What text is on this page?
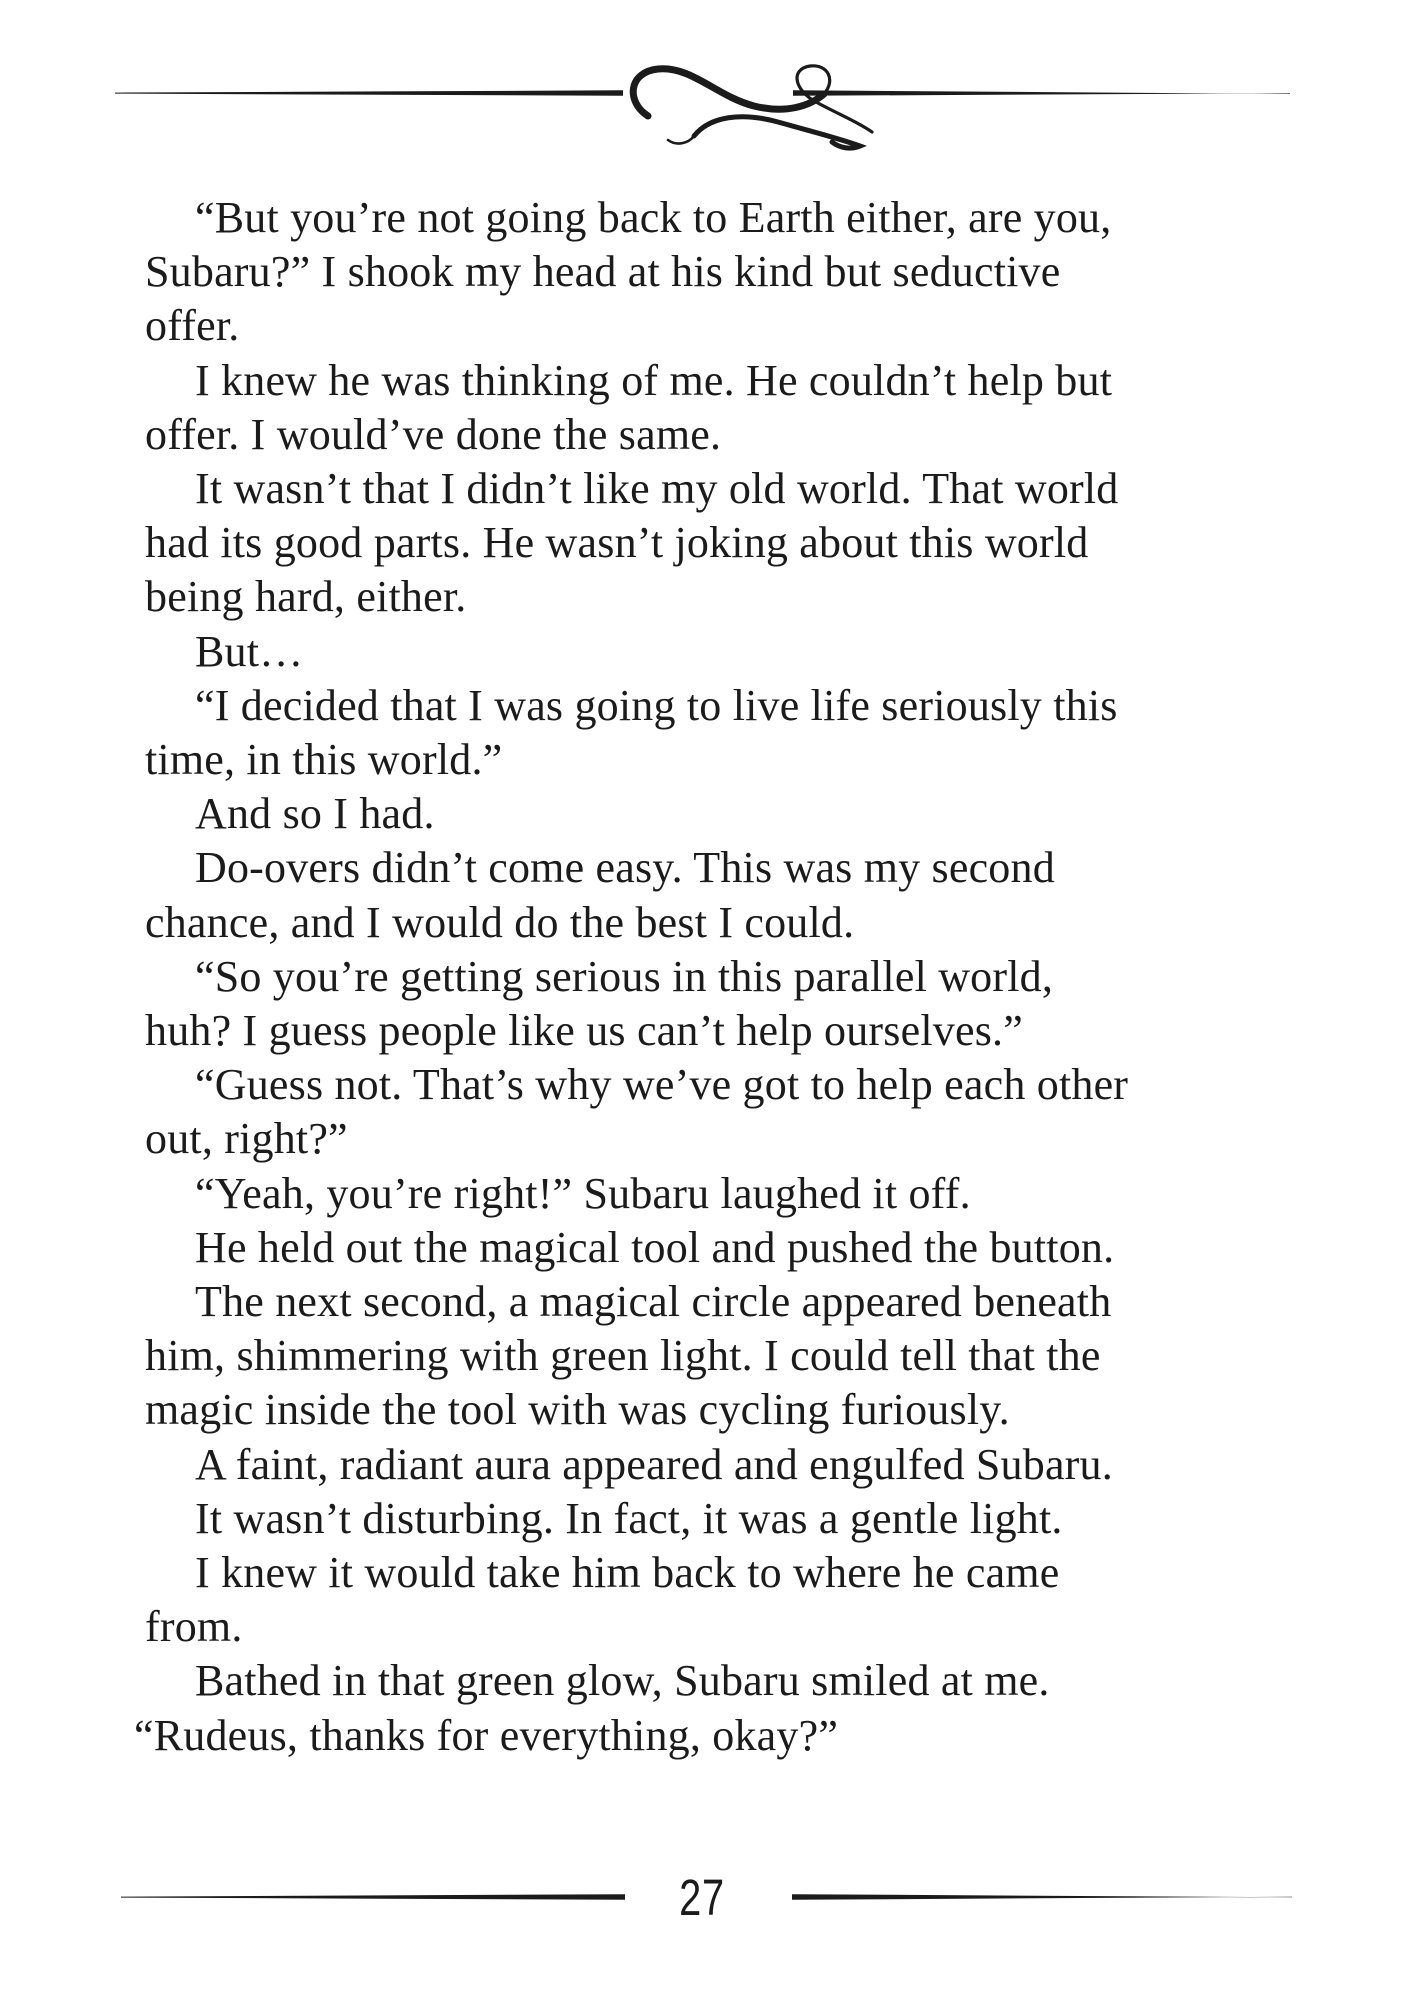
“But you’re not going back to Earth either, are you,
Subaru?” I shook my head at his kind but seductive
offer.
I knew he was thinking of me. He couldn’t help but
offer. I would’ve done the same.
It wasn’t that I didn’t like my old world. That world
had its good parts. He wasn’t joking about this world
being hard, either.
But…
“I decided that I was going to live life seriously this
time, in this world.”
And so I had.
Do-overs didn’t come easy. This was my second
chance, and I would do the best I could.
“So you’re getting serious in this parallel world,
huh? I guess people like us can’t help ourselves.”
“Guess not. That’s why we’ve got to help each other
out, right?”
“Yeah, you’re right!” Subaru laughed it off.
He held out the magical tool and pushed the button.
The next second, a magical circle appeared beneath
him, shimmering with green light. I could tell that the
magic inside the tool with was cycling furiously.
A faint, radiant aura appeared and engulfed Subaru.
It wasn’t disturbing. In fact, it was a gentle light.
I knew it would take him back to where he came
from.
Bathed in that green glow, Subaru smiled at me.
“Rudeus, thanks for everything, okay?”
27
